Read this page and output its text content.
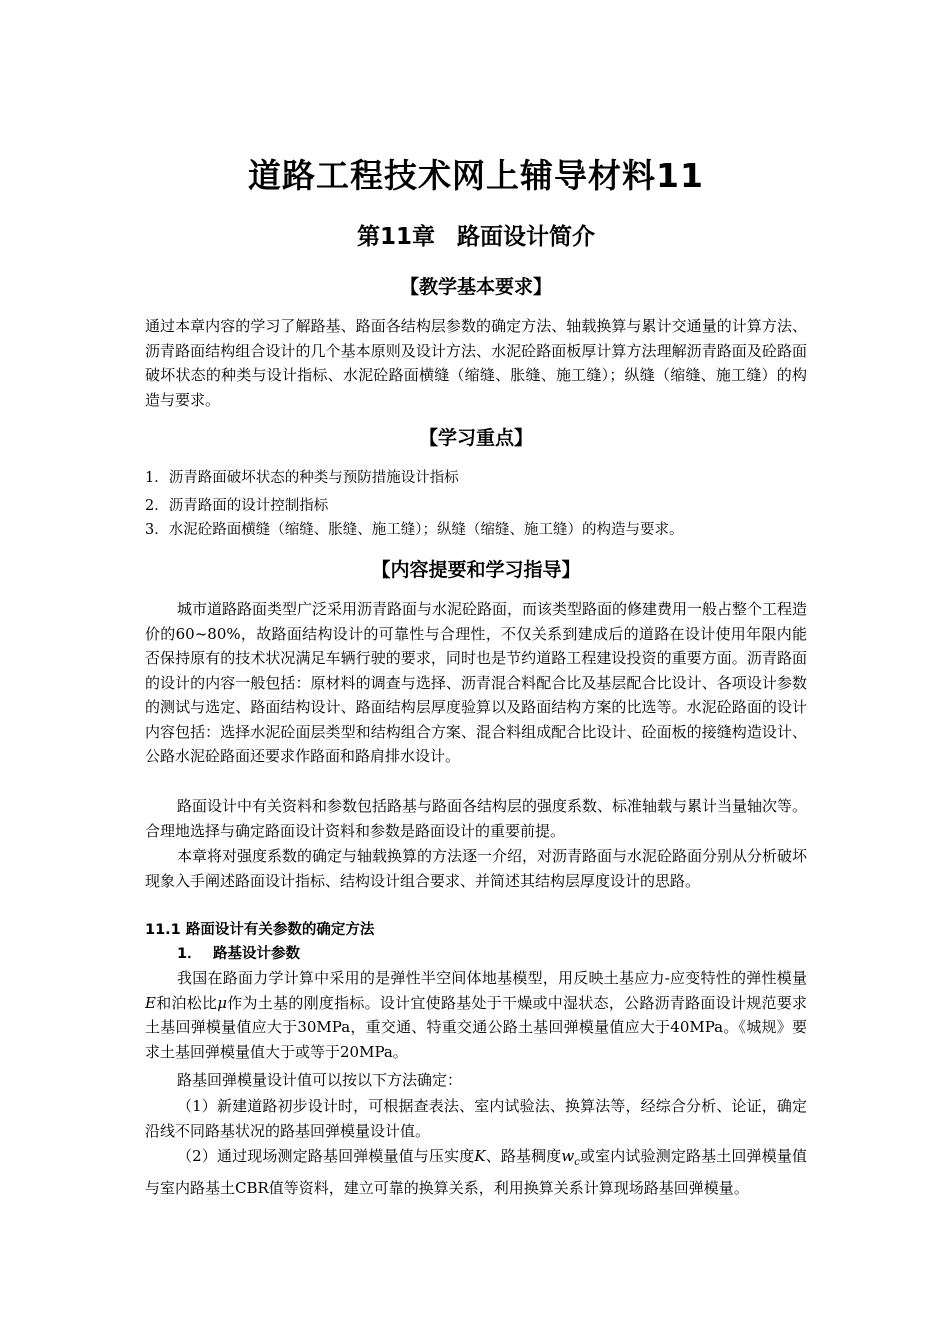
道路工程技术网上辅导材料11
第11章 路面设计简介
【教学基本要求】
通过本章内容的学习了解路基、路面各结构层参数的确定方法、轴载换算与累计交通量的计算方法、沥青路面结构组合设计的几个基本原则及设计方法、水泥砼路面板厚计算方法理解沥青路面及砼路面破坏状态的种类与设计指标、水泥砼路面横缝（缩缝、胀缝、施工缝）；纵缝（缩缝、施工缝）的构造与要求。
【学习重点】
1．沥青路面破坏状态的种类与预防措施设计指标
2．沥青路面的设计控制指标
3．水泥砼路面横缝（缩缝、胀缝、施工缝）；纵缝（缩缝、施工缝）的构造与要求。
【内容提要和学习指导】
城市道路路面类型广泛采用沥青路面与水泥砼路面，而该类型路面的修建费用一般占整个工程造价的60~80%，故路面结构设计的可靠性与合理性，不仅关系到建成后的道路在设计使用年限内能否保持原有的技术状况满足车辆行驶的要求，同时也是节约道路工程建设投资的重要方面。沥青路面的设计的内容一般包括：原材料的调查与选择、沥青混合料配合比及基层配合比设计、各项设计参数的测试与选定、路面结构设计、路面结构层厚度验算以及路面结构方案的比选等。水泥砼路面的设计内容包括：选择水泥砼面层类型和结构组合方案、混合料组成配合比设计、砼面板的接缝构造设计、公路水泥砼路面还要求作路面和路肩排水设计。
路面设计中有关资料和参数包括路基与路面各结构层的强度系数、标准轴载与累计当量轴次等。合理地选择与确定路面设计资料和参数是路面设计的重要前提。
本章将对强度系数的确定与轴载换算的方法逐一介绍，对沥青路面与水泥砼路面分别从分析破坏现象入手阐述路面设计指标、结构设计组合要求、并简述其结构层厚度设计的思路。
11.1 路面设计有关参数的确定方法
1． 路基设计参数
我国在路面力学计算中采用的是弹性半空间体地基模型，用反映土基应力-应变特性的弹性模量E和泊松比μ作为土基的刚度指标。设计宜使路基处于干燥或中湿状态，公路沥青路面设计规范要求土基回弹模量值应大于30MPa，重交通、特重交通公路土基回弹模量值应大于40MPa。《城规》要求土基回弹模量值大于或等于20MPa。
路基回弹模量设计值可以按以下方法确定：
（1）新建道路初步设计时，可根据查表法、室内试验法、换算法等，经综合分析、论证，确定沿线不同路基状况的路基回弹模量设计值。
（2）通过现场测定路基回弹模量值与压实度K、路基稠度$w_c$或室内试验测定路基土回弹模量值与室内路基土CBR值等资料，建立可靠的换算关系，利用换算关系计算现场路基回弹模量。
